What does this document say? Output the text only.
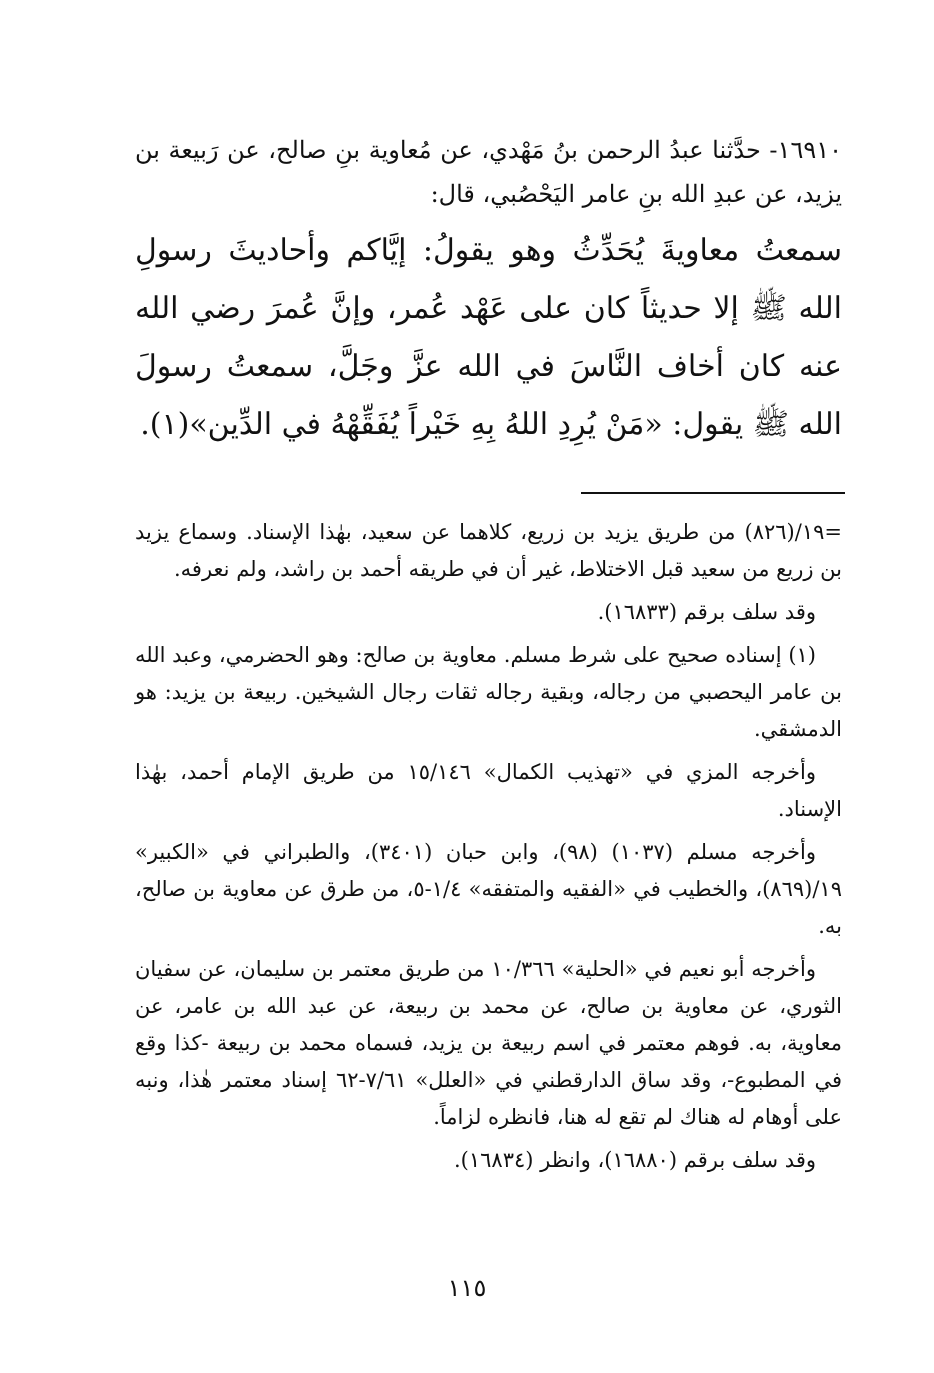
١٦٩١٠- حدَّثنا عبدُ الرحمن بنُ مَهْدي، عن مُعاوية بنِ صالح، عن رَبيعة بن يزيد، عن عبدِ الله بنِ عامر اليَحْصُبي، قال:

سمعتُ معاويةَ يُحَدِّثُ وهو يقولُ: إيَّاكم وأحاديثَ رسولِ الله ﷺ إلا حديثاً كان على عَهْد عُمر، وإنَّ عُمرَ رضي الله عنه كان أخاف النَّاسَ في الله عزَّ وجَلَّ، سمعتُ رسولَ الله ﷺ يقول: «مَنْ يُرِدِ اللهُ بِهِ خَيْراً يُفَقِّهْهُ في الدِّين»(١).

=١٩/(٨٢٦) من طريق يزيد بن زريع، كلاهما عن سعيد، بهٰذا الإسناد. وسماع يزيد بن زريع من سعيد قبل الاختلاط، غير أن في طريقه أحمد بن راشد، ولم نعرفه.

وقد سلف برقم (١٦٨٣٣).

(١) إسناده صحيح على شرط مسلم. معاوية بن صالح: وهو الحضرمي، وعبد الله بن عامر اليحصبي من رجاله، وبقية رجاله ثقات رجال الشيخين. ربيعة بن يزيد: هو الدمشقي.

وأخرجه المزي في «تهذيب الكمال» ١٥/١٤٦ من طريق الإمام أحمد، بهٰذا الإسناد.

وأخرجه مسلم (١٠٣٧) (٩٨)، وابن حبان (٣٤٠١)، والطبراني في «الكبير» ١٩/(٨٦٩)، والخطيب في «الفقيه والمتفقه» ١/٤-٥، من طرق عن معاوية بن صالح، به.

وأخرجه أبو نعيم في «الحلية» ١٠/٣٦٦ من طريق معتمر بن سليمان، عن سفيان الثوري، عن معاوية بن صالح، عن محمد بن ربيعة، عن عبد الله بن عامر، عن معاوية، به. فوهم معتمر في اسم ربيعة بن يزيد، فسماه محمد بن ربيعة -كذا وقع في المطبوع-، وقد ساق الدارقطني في «العلل» ٧/٦١-٦٢ إسناد معتمر هٰذا، ونبه على أوهام له هناك لم تقع له هنا، فانظره لزاماً.

وقد سلف برقم (١٦٨٨٠)، وانظر (١٦٨٣٤).

١١٥
